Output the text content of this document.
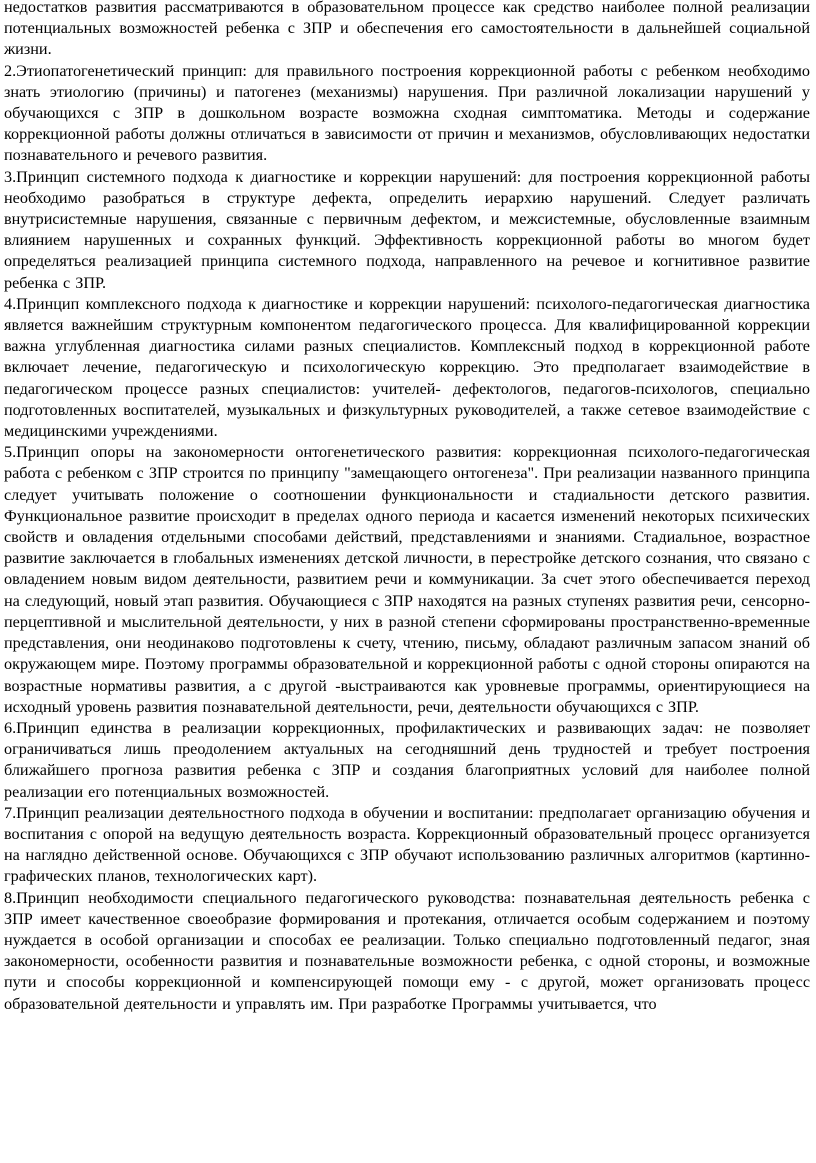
недостатков развития рассматриваются в образовательном процессе как средство наиболее полной реализации потенциальных возможностей ребенка с ЗПР и обеспечения его самостоятельности в дальнейшей социальной жизни.

2.Этиопатогенетический принцип: для правильного построения коррекционной работы с ребенком необходимо знать этиологию (причины) и патогенез (механизмы) нарушения. При различной локализации нарушений у обучающихся с ЗПР в дошкольном возрасте возможна сходная симптоматика. Методы и содержание коррекционной работы должны отличаться в зависимости от причин и механизмов, обусловливающих недостатки познавательного и речевого развития.

3.Принцип системного подхода к диагностике и коррекции нарушений: для построения коррекционной работы необходимо разобраться в структуре дефекта, определить иерархию нарушений. Следует различать внутрисистемные нарушения, связанные с первичным дефектом, и межсистемные, обусловленные взаимным влиянием нарушенных и сохранных функций. Эффективность коррекционной работы во многом будет определяться реализацией принципа системного подхода, направленного на речевое и когнитивное развитие ребенка с ЗПР.

4.Принцип комплексного подхода к диагностике и коррекции нарушений: психолого-педагогическая диагностика является важнейшим структурным компонентом педагогического процесса. Для квалифицированной коррекции важна углубленная диагностика силами разных специалистов. Комплексный подход в коррекционной работе включает лечение, педагогическую и психологическую коррекцию. Это предполагает взаимодействие в педагогическом процессе разных специалистов: учителей- дефектологов, педагогов-психологов, специально подготовленных воспитателей, музыкальных и физкультурных руководителей, а также сетевое взаимодействие с медицинскими учреждениями.

5.Принцип опоры на закономерности онтогенетического развития: коррекционная психолого-педагогическая работа с ребенком с ЗПР строится по принципу "замещающего онтогенеза". При реализации названного принципа следует учитывать положение о соотношении функциональности и стадиальности детского развития. Функциональное развитие происходит в пределах одного периода и касается изменений некоторых психических свойств и овладения отдельными способами действий, представлениями и знаниями. Стадиальное, возрастное развитие заключается в глобальных изменениях детской личности, в перестройке детского сознания, что связано с овладением новым видом деятельности, развитием речи и коммуникации. За счет этого обеспечивается переход на следующий, новый этап развития. Обучающиеся с ЗПР находятся на разных ступенях развития речи, сенсорно-перцептивной и мыслительной деятельности, у них в разной степени сформированы пространственно-временные представления, они неодинаково подготовлены к счету, чтению, письму, обладают различным запасом знаний об окружающем мире. Поэтому программы образовательной и коррекционной работы с одной стороны опираются на возрастные нормативы развития, а с другой -выстраиваются как уровневые программы, ориентирующиеся на исходный уровень развития познавательной деятельности, речи, деятельности обучающихся с ЗПР.

6.Принцип единства в реализации коррекционных, профилактических и развивающих задач: не позволяет ограничиваться лишь преодолением актуальных на сегодняшний день трудностей и требует построения ближайшего прогноза развития ребенка с ЗПР и создания благоприятных условий для наиболее полной реализации его потенциальных возможностей.

7.Принцип реализации деятельностного подхода в обучении и воспитании: предполагает организацию обучения и воспитания с опорой на ведущую деятельность возраста. Коррекционный образовательный процесс организуется на наглядно действенной основе. Обучающихся с ЗПР обучают использованию различных алгоритмов (картинно-графических планов, технологических карт).

8.Принцип необходимости специального педагогического руководства: познавательная деятельность ребенка с ЗПР имеет качественное своеобразие формирования и протекания, отличается особым содержанием и поэтому нуждается в особой организации и способах ее реализации. Только специально подготовленный педагог, зная закономерности, особенности развития и познавательные возможности ребенка, с одной стороны, и возможные пути и способы коррекционной и компенсирующей помощи ему - с другой, может организовать процесс образовательной деятельности и управлять им. При разработке Программы учитывается, что
